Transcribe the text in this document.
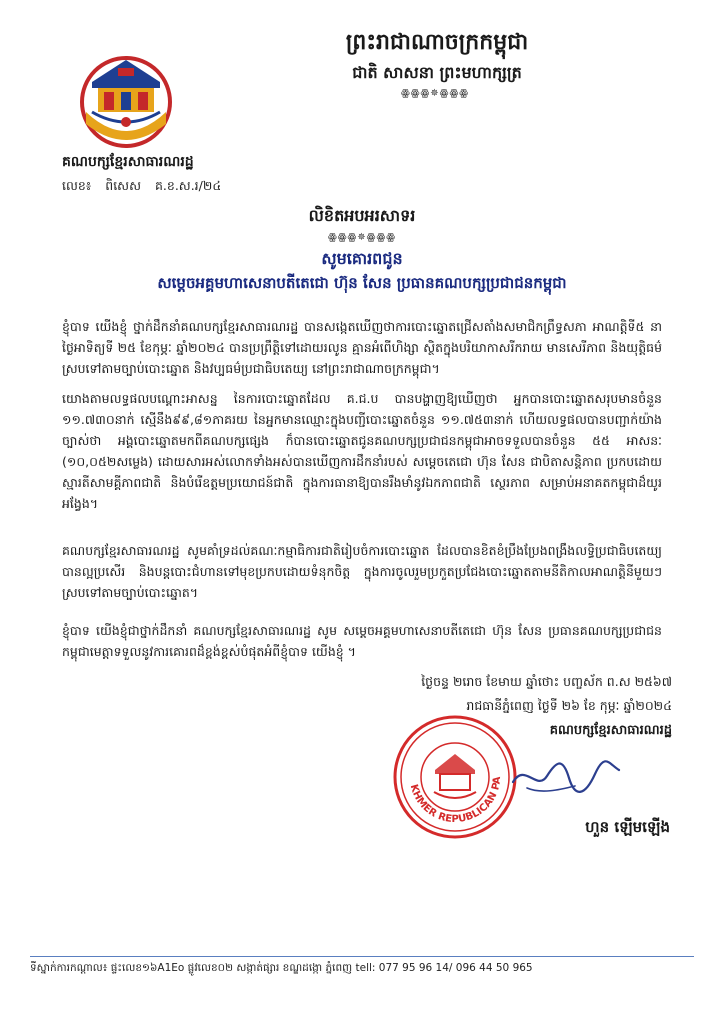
ព្រះរាជាណាចក្រកម្ពុជា
ជាតិ សាសនា ព្រះមហាក្សត្រ
ꙮꙮꙮ✵ꙮꙮꙮ
គណបក្សខ្មែរសាធារណរដ្ឋ
លេខ៖ ពិសេស គ.ខ.ស.រ/២៤
លិខិតអបអរសាទរ
ꙮꙮꙮ✵ꙮꙮꙮ
សូមគោរពជូន
សម្ដេចអគ្គមហាសេនាបតីតេជោ ហ៊ុន សែន ប្រធានគណបក្សប្រជាជនកម្ពុជា
ខ្ញុំបាទ យើងខ្ញុំ ថ្នាក់ដឹកនាំគណបក្សខ្មែរសាធារណរដ្ឋ បានសង្កេតឃើញថាការបោះឆ្នោតជ្រើសតាំងសមាជិកព្រឹទ្ធសភា អាណត្តិទី៥ នាថ្ងៃអាទិត្យទី ២៥ ខែកុម្ភៈ ឆ្នាំ២០២៤ បានប្រព្រឹត្តិទៅដោយរលូន គ្មានអំពើហិង្សា ស្ថិតក្នុងបរិយាកាសរីករាយ មានសេរីភាព និងយុត្តិធម៌ ស្របទៅតាមច្បាប់បោះឆ្នោត និងវប្បធម៌ប្រជាធិបតេយ្យ នៅព្រះរាជាណាចក្រកម្ពុជា។
យោងតាមលទ្ធផលបណ្ដោះអាសន្ន នៃការបោះឆ្នោតដែល គ.ជ.ប បានបង្ហាញឱ្យឃើញថា អ្នកបានបោះឆ្នោតសរុបមានចំនួន ១១.៧៣០នាក់ ស្មើនឹង៩៩,៨១ភាគរយ នៃអ្នកមានឈ្មោះក្នុងបញ្ជីបោះឆ្នោតចំនួន ១១.៧៥៣នាក់ ហើយលទ្ធផលបានបញ្ជាក់យ៉ាងច្បាស់ថា អង្គបោះឆ្នោតមកពីគណបក្សផ្សេង ក៏បានបោះឆ្នោតជូនគណបក្សប្រជាជនកម្ពុជាអាចទទួលបានចំនួន ៥៥ អាសនៈ (១០,០៥២សម្លេង) ដោយសារអស់លោកទាំងអស់បានឃើញការដឹកនាំរបស់ សម្ដេចតេជោ ហ៊ុន សែន ជាបិតាសន្តិភាព ប្រកបដោយស្មារតីសាមគ្គីភាពជាតិ និងបំរើឧត្តមប្រយោជន៍ជាតិ ក្នុងការធានាឱ្យបានរឹងមាំនូវឯកភាពជាតិ ស្ថេរភាព សម្រាប់អនាគតកម្ពុជាដ៏យូរអង្វែង។
គណបក្សខ្មែរសាធារណរដ្ឋ សូមគាំទ្រដល់គណៈកម្មាធិការជាតិរៀបចំការបោះឆ្នោត ដែលបានខិតខំប្រឹងប្រែងពង្រឹងលទ្ធិប្រជាធិបតេយ្យបានល្អប្រសើរ និងបន្តបោះជំហានទៅមុខប្រកបដោយទំនុកចិត្ត ក្នុងការចូលរួមប្រកួតប្រជែងបោះឆ្នោតតាមនីតិកាលអាណត្តិនីមួយៗស្របទៅតាមច្បាប់បោះឆ្នោត។
ខ្ញុំបាទ យើងខ្ញុំជាថ្នាក់ដឹកនាំ គណបក្សខ្មែរសាធារណរដ្ឋ សូម សម្ដេចអគ្គមហាសេនាបតីតេជោ ហ៊ុន សែន ប្រធានគណបក្សប្រជាជនកម្ពុជាមេត្តាទទួលនូវការគោរពដ៏ខ្ពង់ខ្ពស់បំផុតអំពីខ្ញុំបាទ យើងខ្ញុំ ។
ថ្ងៃចន្ទ ២រោច ខែមាឃ ឆ្នាំថោះ បញ្ចស័ក ព.ស ២៥៦៧
រាជធានីភ្នំពេញ ថ្ងៃទី ២៦ ខែ កុម្ភៈ ឆ្នាំ២០២៤
គណបក្សខ្មែរសាធារណរដ្ឋ
KHMER REPUBLICAN PA
ហួន ឡើមឡើង
ទីស្នាក់ការកណ្ដាល៖ ផ្ទះលេខ១៦A1Eo ផ្លូវលេខ០២ សង្កាត់ផ្សារ ខណ្ឌដង្កោ ភ្នំពេញ tell: 077 95 96 14/ 096 44 50 965
